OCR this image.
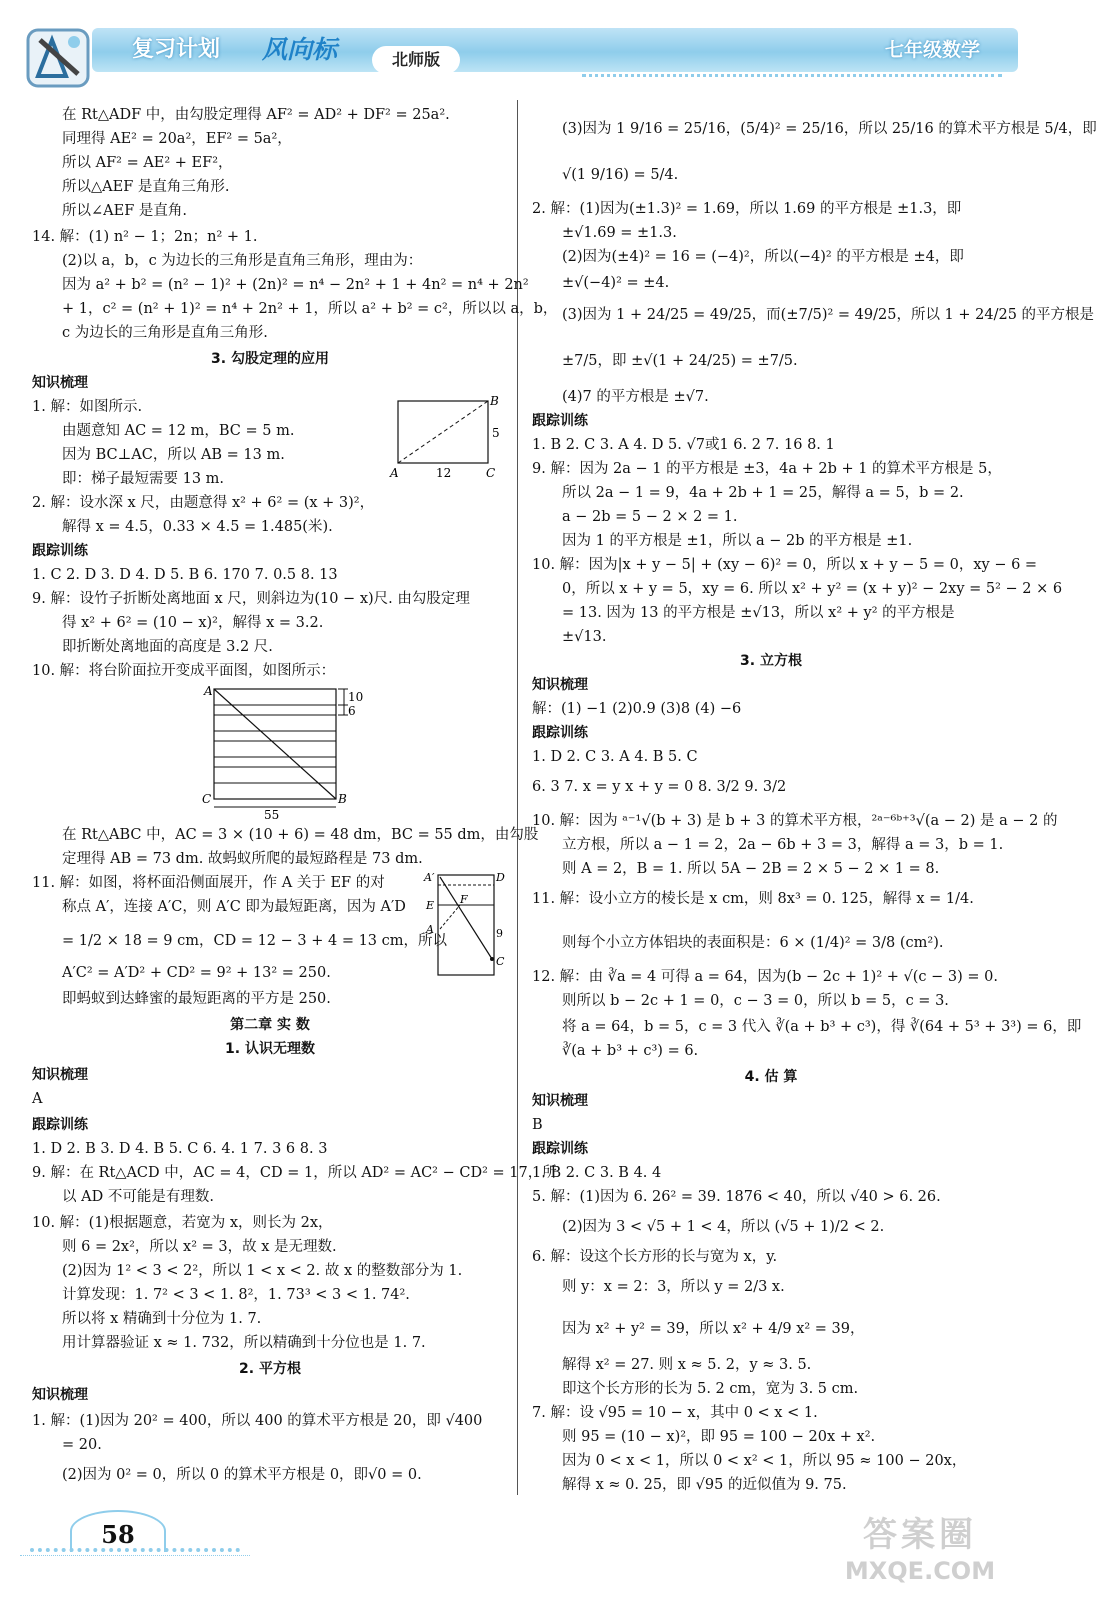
复习计划 风向标	北师版	七年级数学
A
B
C
12
5
A
C	B
55
10
6
A′	D
E F
A
C
9
在 Rt△ADF 中，由勾股定理得 AF² = AD² + DF² = 25a².
同理得 AE² = 20a²，EF² = 5a²，
所以 AF² = AE² + EF²，
所以△AEF 是直角三角形.
所以∠AEF 是直角.
14. 解：(1) n² − 1；2n；n² + 1.
(2)以 a，b，c 为边长的三角形是直角三角形，理由为：
因为 a² + b² = (n² − 1)² + (2n)² = n⁴ − 2n² + 1 + 4n² = n⁴ + 2n²
+ 1，c² = (n² + 1)² = n⁴ + 2n² + 1，所以 a² + b² = c²，所以以 a，b，
c 为边长的三角形是直角三角形.
3. 勾股定理的应用
知识梳理
1. 解：如图所示.
由题意知 AC = 12 m，BC = 5 m.
因为 BC⊥AC，所以 AB = 13 m.
即：梯子最短需要 13 m.
2. 解：设水深 x 尺，由题意得 x² + 6² = (x + 3)²，
解得 x = 4.5，0.33 × 4.5 = 1.485(米).
跟踪训练
1. C 2. D 3. D 4. D 5. B 6. 170 7. 0.5 8. 13
9. 解：设竹子折断处离地面 x 尺，则斜边为(10 − x)尺. 由勾股定理
得 x² + 6² = (10 − x)²，解得 x = 3.2.
即折断处离地面的高度是 3.2 尺.
10. 解：将台阶面拉开变成平面图，如图所示：
在 Rt△ABC 中，AC = 3 × (10 + 6) = 48 dm，BC = 55 dm，由勾股
定理得 AB = 73 dm. 故蚂蚁所爬的最短路程是 73 dm.
11. 解：如图，将杯面沿侧面展开，作 A 关于 EF 的对
称点 A′，连接 A′C，则 A′C 即为最短距离，因为 A′D
= 1/2 × 18 = 9 cm，CD = 12 − 3 + 4 = 13 cm，所以
A′C² = A′D² + CD² = 9² + 13² = 250.
即蚂蚁到达蜂蜜的最短距离的平方是 250.
第二章 实 数
1. 认识无理数
知识梳理
A
跟踪训练
1. D 2. B 3. D 4. B 5. C 6. 4. 1 7. 3 6 8. 3
9. 解：在 Rt△ACD 中，AC = 4，CD = 1，所以 AD² = AC² − CD² = 17，所
以 AD 不可能是有理数.
10. 解：(1)根据题意，若宽为 x，则长为 2x，
则 6 = 2x²，所以 x² = 3，故 x 是无理数.
(2)因为 1² < 3 < 2²，所以 1 < x < 2. 故 x 的整数部分为 1.
计算发现：1. 7² < 3 < 1. 8²，1. 73³ < 3 < 1. 74².
所以将 x 精确到十分位为 1. 7.
用计算器验证 x ≈ 1. 732，所以精确到十分位也是 1. 7.
2. 平方根
知识梳理
1. 解：(1)因为 20² = 400，所以 400 的算术平方根是 20，即 √400
= 20.
(2)因为 0² = 0，所以 0 的算术平方根是 0，即√0 = 0.
(3)因为 1 9/16 = 25/16，(5/4)² = 25/16，所以 25/16 的算术平方根是 5/4，即
√(1 9/16) = 5/4.
2. 解：(1)因为(±1.3)² = 1.69，所以 1.69 的平方根是 ±1.3，即
±√1.69 = ±1.3.
(2)因为(±4)² = 16 = (−4)²，所以(−4)² 的平方根是 ±4，即
±√(−4)² = ±4.
(3)因为 1 + 24/25 = 49/25，而(±7/5)² = 49/25，所以 1 + 24/25 的平方根是
±7/5，即 ±√(1 + 24/25) = ±7/5.
(4)7 的平方根是 ±√7.
跟踪训练
1. B 2. C 3. A 4. D 5. √7或1 6. 2 7. 16 8. 1
9. 解：因为 2a − 1 的平方根是 ±3，4a + 2b + 1 的算术平方根是 5，
所以 2a − 1 = 9，4a + 2b + 1 = 25，解得 a = 5，b = 2.
a − 2b = 5 − 2 × 2 = 1.
因为 1 的平方根是 ±1，所以 a − 2b 的平方根是 ±1.
10. 解：因为|x + y − 5| + (xy − 6)² = 0，所以 x + y − 5 = 0，xy − 6 =
0，所以 x + y = 5，xy = 6. 所以 x² + y² = (x + y)² − 2xy = 5² − 2 × 6
= 13. 因为 13 的平方根是 ±√13，所以 x² + y² 的平方根是
±√13.
3. 立方根
知识梳理
解：(1) −1 (2)0.9 (3)8 (4) −6
跟踪训练
1. D 2. C 3. A 4. B 5. C
6. 3 7. x = y x + y = 0 8. 3/2 9. 3/2
10. 解：因为 ᵃ⁻¹√(b + 3) 是 b + 3 的算术平方根，²ᵃ⁻⁶ᵇ⁺³√(a − 2) 是 a − 2 的
立方根，所以 a − 1 = 2，2a − 6b + 3 = 3，解得 a = 3，b = 1.
则 A = 2，B = 1. 所以 5A − 2B = 2 × 5 − 2 × 1 = 8.
11. 解：设小立方的棱长是 x cm，则 8x³ = 0. 125，解得 x = 1/4.
则每个小立方体铝块的表面积是：6 × (1/4)² = 3/8 (cm²).
12. 解：由 ∛a = 4 可得 a = 64，因为(b − 2c + 1)² + √(c − 3) = 0.
则所以 b − 2c + 1 = 0，c − 3 = 0，所以 b = 5，c = 3.
将 a = 64，b = 5，c = 3 代入 ∛(a + b³ + c³)，得 ∛(64 + 5³ + 3³) = 6，即
∛(a + b³ + c³) = 6.
4. 估 算
知识梳理
B
跟踪训练
1. B 2. C 3. B 4. 4
5. 解：(1)因为 6. 26² = 39. 1876 < 40，所以 √40 > 6. 26.
(2)因为 3 < √5 + 1 < 4，所以 (√5 + 1)/2 < 2.
6. 解：设这个长方形的长与宽为 x，y.
则 y：x = 2：3，所以 y = 2/3 x.
因为 x² + y² = 39，所以 x² + 4/9 x² = 39，
解得 x² = 27. 则 x ≈ 5. 2，y ≈ 3. 5.
即这个长方形的长为 5. 2 cm，宽为 3. 5 cm.
7. 解：设 √95 = 10 − x，其中 0 < x < 1.
则 95 = (10 − x)²，即 95 = 100 − 20x + x².
因为 0 < x < 1，所以 0 < x² < 1，所以 95 ≈ 100 − 20x，
解得 x ≈ 0. 25，即 √95 的近似值为 9. 75.
58	答案圈
MXQE.COM
